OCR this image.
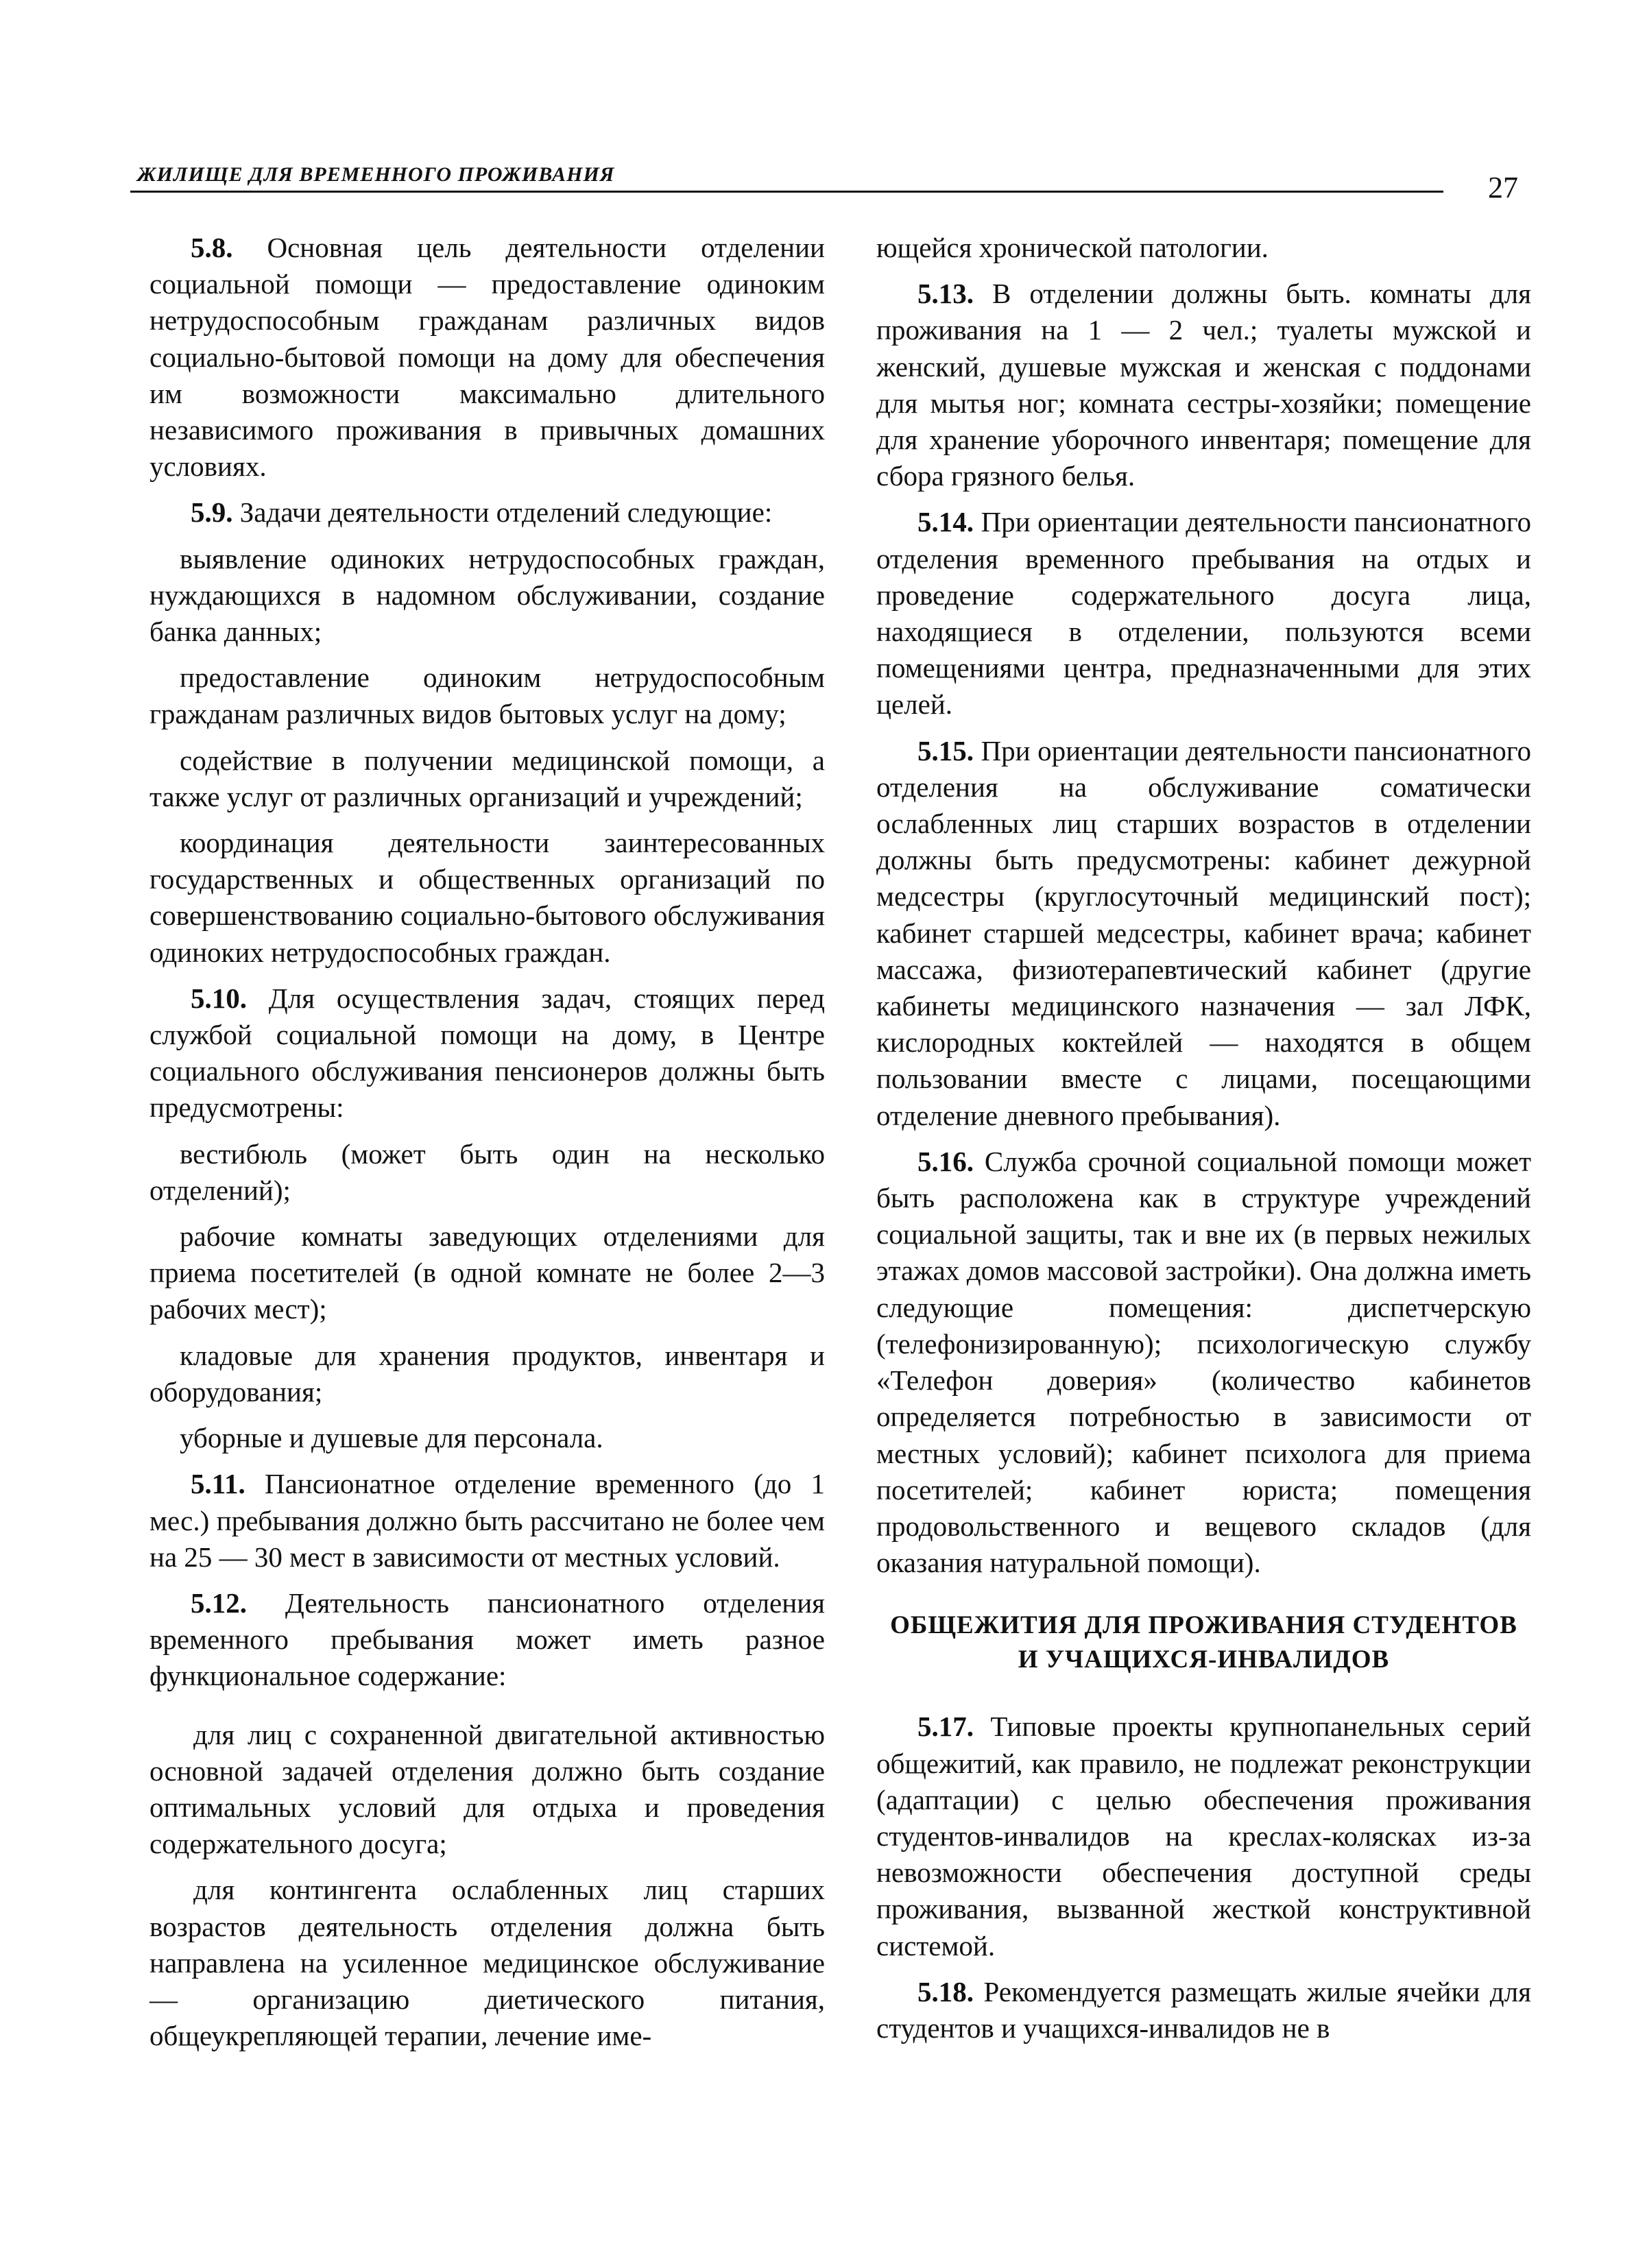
ЖИЛИЩЕ ДЛЯ ВРЕМЕННОГО ПРОЖИВАНИЯ	27

5.8. Основная цель деятельности отделении социальной помощи — предоставление одиноким нетрудоспособным гражданам различных видов социально-бытовой помощи на дому для обеспечения им возможности максимально длительного независимого проживания в привычных домашних условиях.

5.9. Задачи деятельности отделений следующие:

выявление одиноких нетрудоспособных граждан, нуждающихся в надомном обслуживании, создание банка данных;

предоставление одиноким нетрудоспособным гражданам различных видов бытовых услуг на дому;

содействие в получении медицинской помощи, а также услуг от различных организаций и учреждений;

координация деятельности заинтересованных государственных и общественных организаций по совершенствованию социально-бытового обслуживания одиноких нетрудоспособных граждан.

5.10. Для осуществления задач, стоящих перед службой социальной помощи на дому, в Центре социального обслуживания пенсионеров должны быть предусмотрены:

вестибюль (может быть один на несколько отделений);

рабочие комнаты заведующих отделениями для приема посетителей (в одной комнате не более 2—3 рабочих мест);

кладовые для хранения продуктов, инвентаря и оборудования;

уборные и душевые для персонала.

5.11. Пансионатное отделение временного (до 1 мес.) пребывания должно быть рассчитано не более чем на 25 — 30 мест в зависимости от местных условий.

5.12. Деятельность пансионатного отделения временного пребывания может иметь разное функциональное содержание:

для лиц с сохраненной двигательной активностью основной задачей отделения должно быть создание оптимальных условий для отдыха и проведения содержательного досуга;

для контингента ослабленных лиц старших возрастов деятельность отделения должна быть направлена на усиленное медицинское обслуживание — организацию диетического питания, общеукрепляющей терапии, лечение име-

ющейся хронической патологии.

5.13. В отделении должны быть. комнаты для проживания на 1 — 2 чел.; туалеты мужской и женский, душевые мужская и женская с поддонами для мытья ног; комната сестры-хозяйки; помещение для хранение уборочного инвентаря; помещение для сбора грязного белья.

5.14. При ориентации деятельности пансионатного отделения временного пребывания на отдых и проведение содержательного досуга лица, находящиеся в отделении, пользуются всеми помещениями центра, предназначенными для этих целей.

5.15. При ориентации деятельности пансионатного отделения на обслуживание соматически ослабленных лиц старших возрастов в отделении должны быть предусмотрены: кабинет дежурной медсестры (круглосуточный медицинский пост); кабинет старшей медсестры, кабинет врача; кабинет массажа, физиотерапевтический кабинет (другие кабинеты медицинского назначения — зал ЛФК, кислородных коктейлей — находятся в общем пользовании вместе с лицами, посещающими отделение дневного пребывания).

5.16. Служба срочной социальной помощи может быть расположена как в структуре учреждений социальной защиты, так и вне их (в первых нежилых этажах домов массовой застройки). Она должна иметь следующие помещения: диспетчерскую (телефонизированную); психологическую службу «Телефон доверия» (количество кабинетов определяется потребностью в зависимости от местных условий); кабинет психолога для приема посетителей; кабинет юриста; помещения продовольственного и вещевого складов (для оказания натуральной помощи).

ОБЩЕЖИТИЯ ДЛЯ ПРОЖИВАНИЯ СТУДЕНТОВ
И УЧАЩИХСЯ-ИНВАЛИДОВ

5.17. Типовые проекты крупнопанельных серий общежитий, как правило, не подлежат реконструкции (адаптации) с целью обеспечения проживания студентов-инвалидов на креслах-колясках из-за невозможности обеспечения доступной среды проживания, вызванной жесткой конструктивной системой.

5.18. Рекомендуется размещать жилые ячейки для студентов и учащихся-инвалидов не в
